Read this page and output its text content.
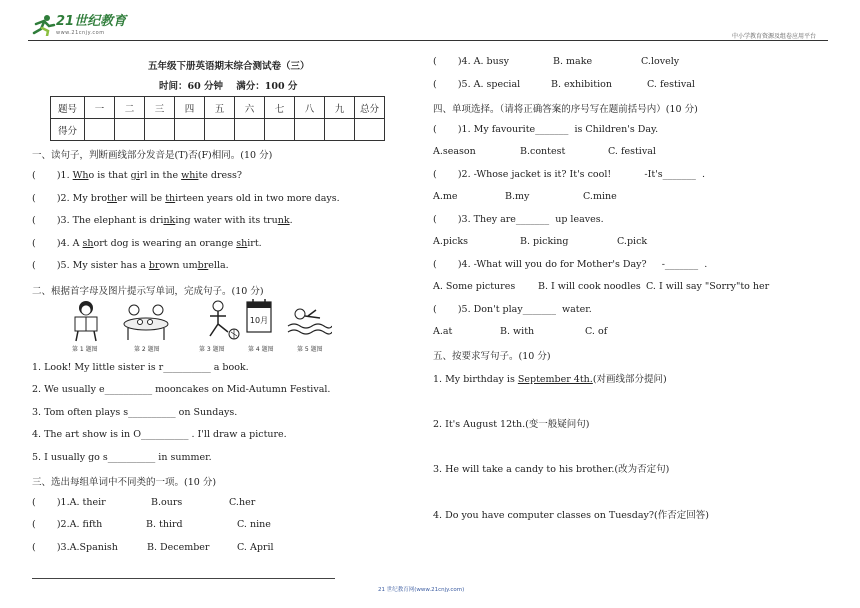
21世纪教育
www.21cnjy.com	中小学教育资源及组卷应用平台
五年级下册英语期末综合测试卷（三）
时间：60 分钟    满分：100 分
题号	一	二	三	四	五	六	七	八	九	总分
得分										
一、读句子，判断画线部分发音是(T)否(F)相同。(10 分)
(       )1. Who is that girl in the white dress?
(       )2. My brother will be thirteen years old in two more days.
(       )3. The elephant is drinking water with its trunk.
(       )4. A short dog is wearing an orange shirt.
(       )5. My sister has a brown umbrella.
二、根据首字母及图片提示写单词，完成句子。(10 分)
10月
第 1 题图	第 2 题图	第 3 题图	第 4 题图	第 5 题图
1. Look! My little sister is r__________ a book.
2. We usually e__________ mooncakes on Mid-Autumn Festival.
3. Tom often plays s__________ on Sundays.
4. The art show is in O__________ . I'll draw a picture.
5. I usually go s__________ in summer.
三、选出每组单词中不同类的一项。(10 分)
(       )1.A. their	B.ours	C.her
(       )2.A. fifth	B. third	C. nine
(       )3.A.Spanish	B. December	C. April
(       )4. A. busy	B. make	C.lovely
(       )5. A. special	B. exhibition	C. festival
四、单项选择。（请将正确答案的序号写在题前括号内）(10 分)
(       )1. My favourite_______  is Children's Day.
A.season	B.contest	C. festival
(       )2. -Whose jacket is it? It's cool!           -It's_______  .
A.me	B.my	C.mine
(       )3. They are_______  up leaves.
A.picks	B. picking	C.pick
(       )4. -What will you do for Mother's Day?     -_______  .
A. Some pictures B. I will cook noodles C. I will say "Sorry"to her
(       )5. Don't play_______  water.
A.at	B. with	C. of
五、按要求写句子。(10 分)
1. My birthday is September 4th.(对画线部分提问)
2. It's August 12th.(变一般疑问句)
3. He will take a candy to his brother.(改为否定句)
4. Do you have computer classes on Tuesday?(作否定回答)
21 世纪教育网(www.21cnjy.com)
